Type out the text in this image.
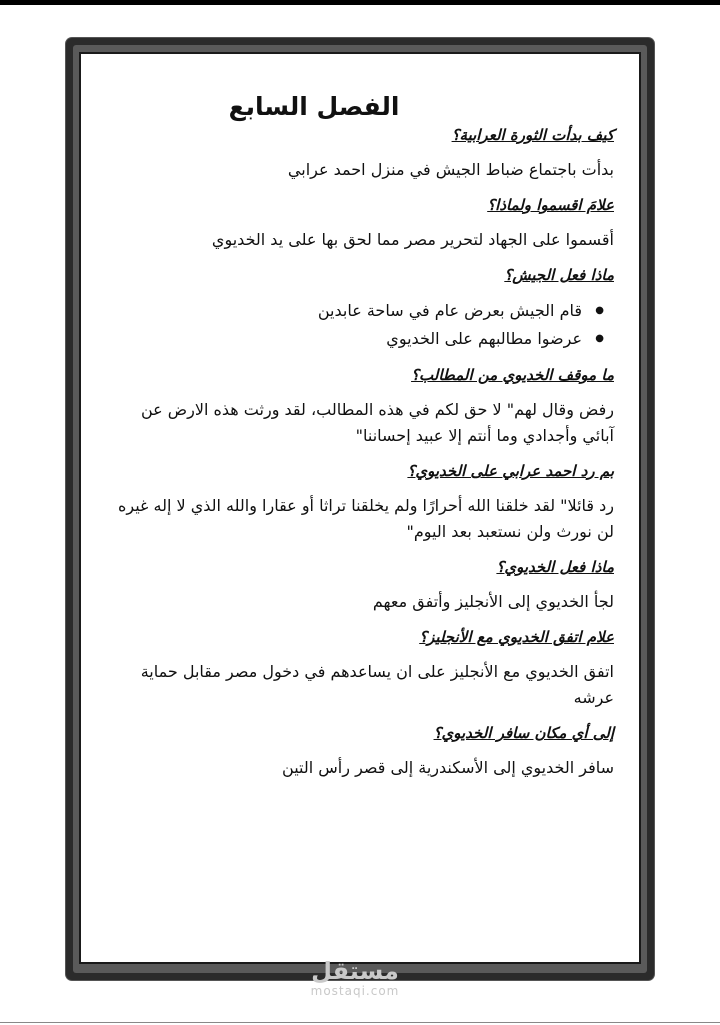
الفصل السابع

كيف بدأت الثورة العرابية؟

بدأت باجتماع ضباط الجيش في منزل احمد عرابي

علامَ اقسموا ولماذا؟

أقسموا على الجهاد لتحرير مصر مما لحق بها على يد الخديوي

ماذا فعل الجيش؟

● قام الجيش بعرض عام في ساحة عابدين
● عرضوا مطالبهم على الخديوي

ما موقف الخديوي من المطالب؟

رفض وقال لهم" لا حق لكم في هذه المطالب، لقد ورثت هذه الارض عن آبائي وأجدادي وما أنتم إلا عبيد إحساننا"

بم رد احمد عرابي على الخديوي؟

رد قائلا" لقد خلقنا الله أحرارًا ولم يخلقنا تراثا أو عقارا والله الذي لا إله غيره لن نورث ولن نستعبد بعد اليوم"

ماذا فعل الخديوي؟

لجأ الخديوي إلى الأنجليز وأتفق معهم

علام اتفق الخديوي مع الأنجليز؟

اتفق الخديوي مع الأنجليز على ان يساعدهم في دخول مصر مقابل حماية عرشه

إلى أي مكان سافر الخديوي؟

سافر الخديوي إلى الأسكندرية إلى قصر رأس التين

مستقل
mostaqi.com
